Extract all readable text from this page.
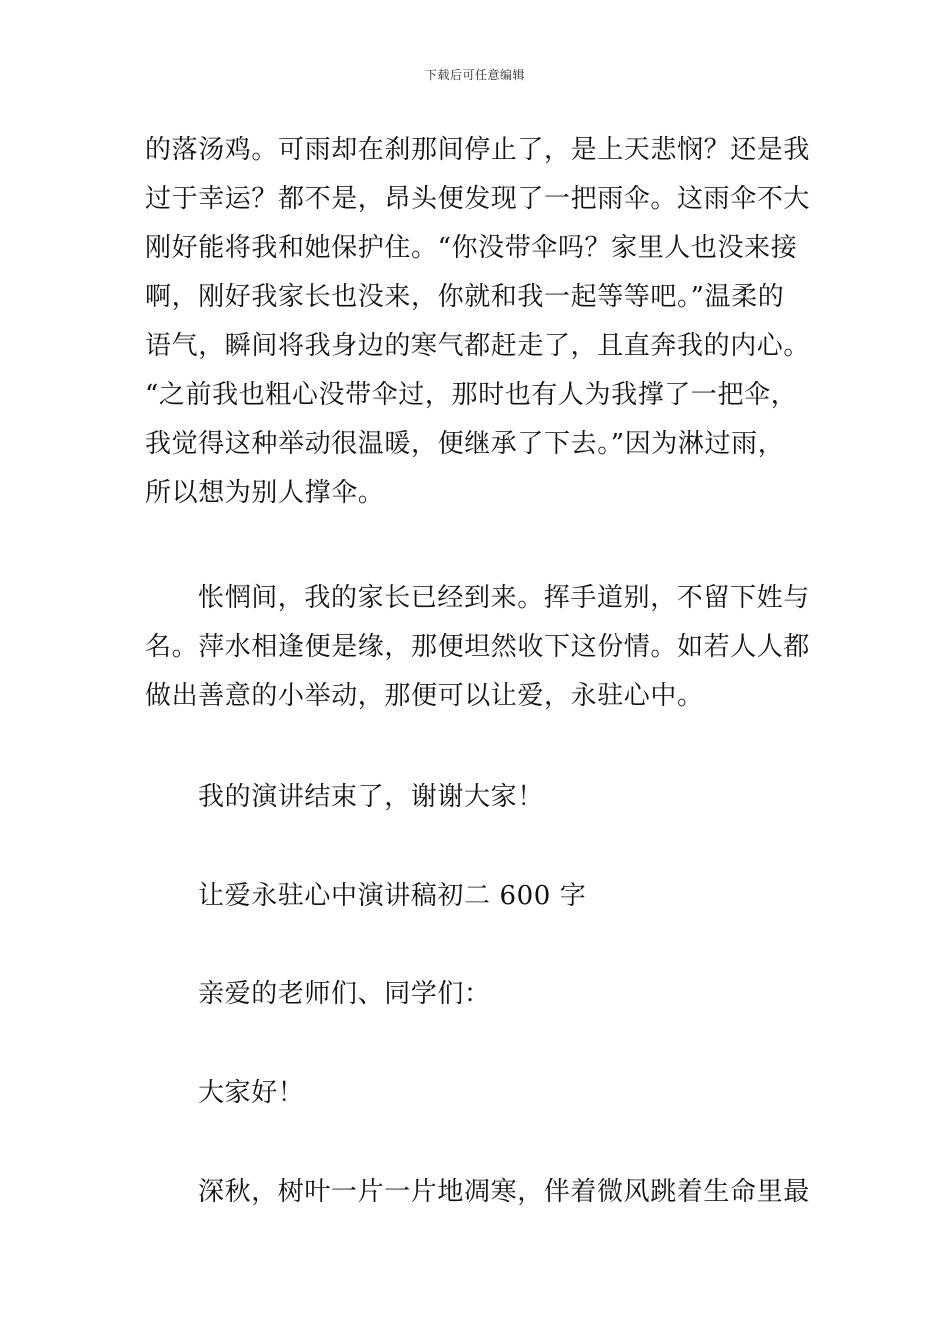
下载后可任意编辑
的落汤鸡。可雨却在刹那间停止了，是上天悲悯？还是我
过于幸运？都不是，昂头便发现了一把雨伞。这雨伞不大
刚好能将我和她保护住。“你没带伞吗？家里人也没来接
啊，刚好我家长也没来，你就和我一起等等吧。”温柔的
语气，瞬间将我身边的寒气都赶走了，且直奔我的内心。
“之前我也粗心没带伞过，那时也有人为我撑了一把伞，
我觉得这种举动很温暖，便继承了下去。”因为淋过雨，
所以想为别人撑伞。
怅惘间，我的家长已经到来。挥手道别，不留下姓与
名。萍水相逢便是缘，那便坦然收下这份情。如若人人都
做出善意的小举动，那便可以让爱，永驻心中。
我的演讲结束了，谢谢大家！
让爱永驻心中演讲稿初二 600 字
亲爱的老师们、同学们：
大家好！
深秋，树叶一片一片地凋寒，伴着微风跳着生命里最
